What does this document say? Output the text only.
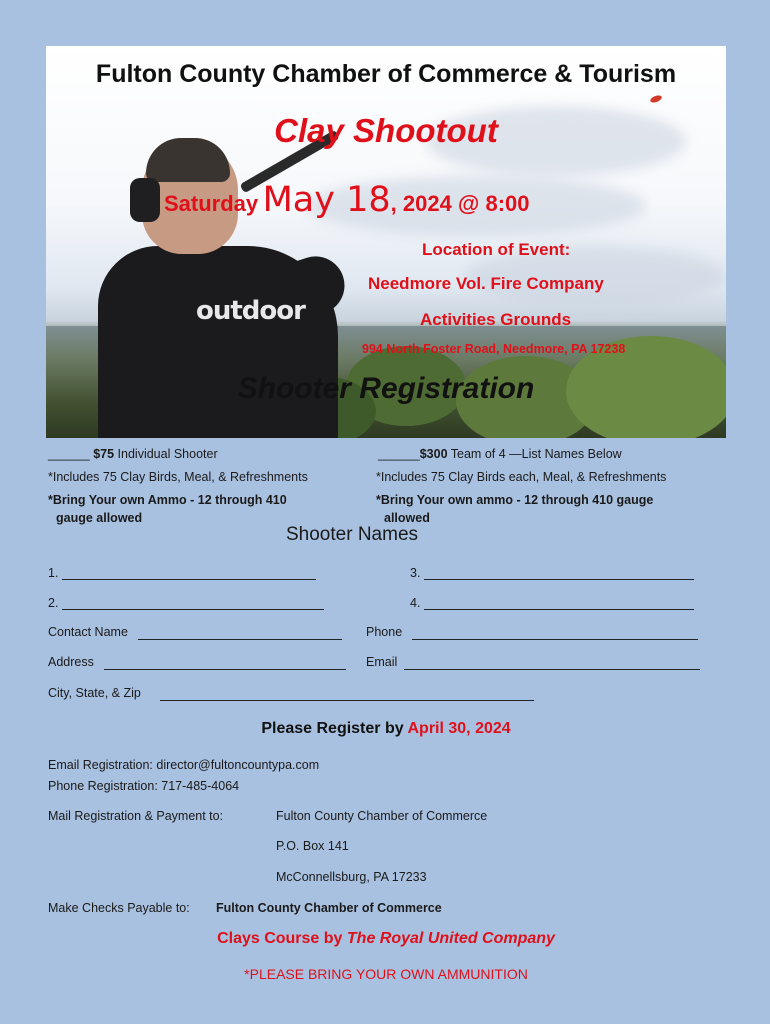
outdoor
Fulton County Chamber of Commerce & Tourism
Clay Shootout
Saturday May 18, 2024 @ 8:00
Location of Event:
Needmore Vol. Fire Company
Activities Grounds
994 North Foster Road, Needmore, PA 17238
Shooter Registration
______ $75 Individual Shooter
*Includes 75 Clay Birds, Meal, & Refreshments
*Bring Your own Ammo - 12 through 410
gauge allowed
______$300 Team of 4 —List Names Below
*Includes 75 Clay Birds each, Meal, & Refreshments
*Bring Your own ammo - 12 through 410 gauge
allowed
Shooter Names
1.	3.
2.	4.
Contact Name	Phone
Address	Email
City, State, & Zip
Please Register by April 30, 2024
Email Registration: director@fultoncountypa.com
Phone Registration: 717-485-4064
Mail Registration & Payment to:	Fulton County Chamber of Commerce
P.O. Box 141
McConnellsburg, PA 17233
Make Checks Payable to: Fulton County Chamber of Commerce
Clays Course by The Royal United Company
*PLEASE BRING YOUR OWN AMMUNITION
